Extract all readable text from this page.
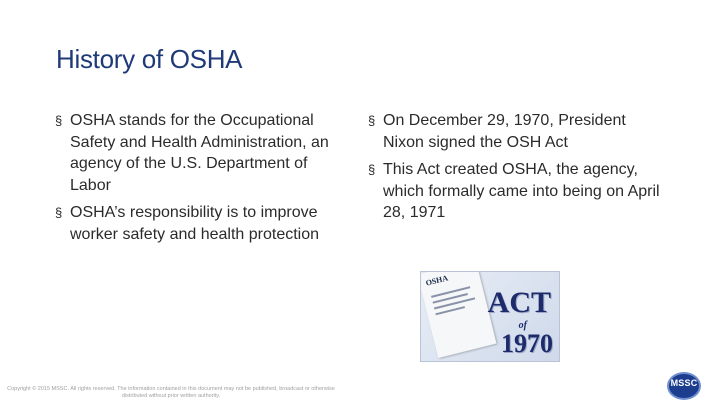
History of OSHA
§ OSHA stands for the Occupational Safety and Health Administration, an agency of the U.S. Department of Labor
§ OSHA’s responsibility is to improve worker safety and health protection
§ On December 29, 1970, President Nixon signed the OSH Act
§ This Act created OSHA, the agency, which formally came into being on April 28, 1971
OSHA
ACT
of
1970
Copyright © 2015 MSSC. All rights reserved. The information contained in this document may not be published, broadcast or otherwise distributed without prior written authority.
MSSC
